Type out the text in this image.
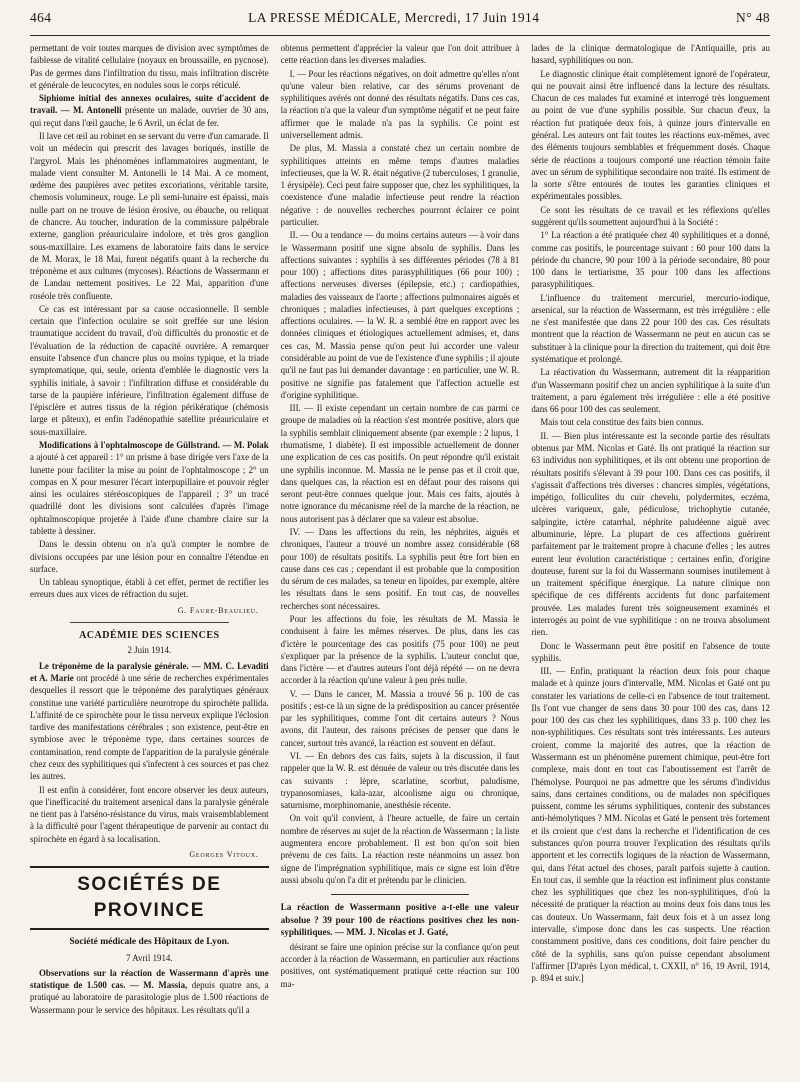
464	LA PRESSE MÉDICALE, Mercredi, 17 Juin 1914	N° 48

permettant de voir toutes marques de division avec symptômes de faiblesse de vitalité cellulaire (noyaux en broussaille, en pycnose). Pas de germes dans l'infiltration du tissu, mais infiltration discrète et générale de leucocytes, en nodules sous le corps réticulé.

Siphiome initial des annexes oculaires, suite d'accident de travail. — M. Antonelli présente un malade, ouvrier de 30 ans, qui reçut dans l'œil gauche, le 6 Avril, un éclat de fer.

Il lave cet œil au robinet en se servant du verre d'un camarade. Il voit un médecin qui prescrit des lavages boriqués, instille de l'argyrol. Mais les phénomènes inflammatoires augmentant, le malade vient consulter M. Antonelli le 14 Mai. A ce moment, œdème des paupières avec petites excoriations, véritable tarsite, chemosis volumineux, rouge. Le pli semi-lunaire est épaissi, mais nulle part on ne trouve de lésion érosive, ou ébauche, ou reliquat de chancre. Au toucher, induration de la commissure palpébrale externe, ganglion préauriculaire indolore, et très gros ganglion sous-maxillaire. Les examens de laboratoire faits dans le service de M. Morax, le 18 Mai, furent négatifs quant à la recherche du tréponème et aux cultures (mycoses). Réactions de Wassermann et de Landau nettement positives. Le 22 Mai, apparition d'une roséole très confluente.

Ce cas est intéressant par sa cause occasionnelle. Il semble certain que l'infection oculaire se soit greffée sur une lésion traumatique accident du travail, d'où difficultés du pronostic et de l'évaluation de la réduction de capacité ouvrière. A remarquer ensuite l'absence d'un chancre plus ou moins typique, et la triade symptomatique, qui, seule, orienta d'emblée le diagnostic vers la syphilis initiale, à savoir : l'infiltration diffuse et considérable du tarse de la paupière inférieure, l'infiltration également diffuse de l'épisclère et autres tissus de la région périkératique (chémosis large et pâteux), et enfin l'adénopathie satellite préauriculaire et sous-maxillaire.

Modifications à l'ophtalmoscope de Güllstrand. — M. Polak a ajouté à cet appareil : 1° un prisme à base dirigée vers l'axe de la lunette pour faciliter la mise au point de l'ophtalmoscope ; 2° un compas en X pour mesurer l'écart interpupillaire et pouvoir régler ainsi les oculaires stéréoscopiques de l'appareil ; 3° un tracé quadrillé dont les divisions sont calculées d'après l'image ophtalmoscopique projetée à l'aide d'une chambre claire sur la tablette à dessiner.

Dans le dessin obtenu on n'a qu'à compter le nombre de divisions occupées par une lésion pour en connaître l'étendue en surface.

Un tableau synoptique, établi à cet effet, permet de rectifier les erreurs dues aux vices de réfraction du sujet.

G. Faure-Beaulieu.
ACADÉMIE DES SCIENCES
2 Juin 1914.

Le tréponème de la paralysie générale. — MM. C. Levaditi et A. Marie ont procédé à une série de recherches expérimentales desquelles il ressort que le tréponème des paralytiques généraux constitue une variété particulière neurotrope du spirochète pallida. L'affinité de ce spirochète pour le tissu nerveux explique l'éclosion tardive des manifestations cérébrales ; son existence, peut-être en symbiose avec le tréponème type, dans certaines sources de contamination, rend compte de l'apparition de la paralysie générale chez ceux des syphilitiques qui s'infectent à ces sources et pas chez les autres.

Il est enfin à considérer, font encore observer les deux auteurs, que l'inefficacité du traitement arsenical dans la paralysie générale ne tient pas à l'arséno-résistance du virus, mais vraisemblablement à la difficulté pour l'agent thérapeutique de parvenir au contact du spirochète en égard à sa localisation.

Georges Vitoux.
SOCIÉTÉS DE PROVINCE
Société médicale des Hôpitaux de Lyon.
7 Avril 1914.

Observations sur la réaction de Wassermann d'après une statistique de 1.500 cas. — M. Massia, depuis quatre ans, a pratiqué au laboratoire de parasitologie plus de 1.500 réactions de Wassermann pour le service des hôpitaux. Les résultats qu'il a

obtenus permettent d'apprécier la valeur que l'on doit attribuer à cette réaction dans les diverses maladies.

I. — Pour les réactions négatives, on doit admettre qu'elles n'ont qu'une valeur bien relative, car des sérums provenant de syphilitiques avérés ont donné des résultats négatifs. Dans ces cas, la réaction n'a que la valeur d'un symptôme négatif et ne peut faire affirmer que le malade n'a pas la syphilis. Ce point est universellement admis.

De plus, M. Massia a constaté chez un certain nombre de syphilitiques atteints en même temps d'autres maladies infectieuses, que la W. R. était négative (2 tuberculoses, 1 granulie, 1 érysipèle). Ceci peut faire supposer que, chez les syphilitiques, la coexistence d'une maladie infectieuse peut rendre la réaction négative : de nouvelles recherches pourront éclairer ce point particulier.

II. — Ou a tendance — du moins certains auteurs — à voir dans le Wassermann positif une signe absolu de syphilis. Dans les affections suivantes : syphilis à ses différentes périodes (78 à 81 pour 100) ; affections dites parasyphilitiques (66 pour 100) ; affections nerveuses diverses (épilepsie, etc.) ; cardiopathies, maladies des vaisseaux de l'aorte ; affections pulmonaires aiguës et chroniques ; maladies infectieuses, à part quelques exceptions ; affections oculaires. — la W. R. a semblé être en rapport avec les données cliniques et étiologiques actuellement admises, et, dans ces cas, M. Massia pense qu'on peut lui accorder une valeur considérable au point de vue de l'existence d'une syphilis ; il ajoute qu'il ne faut pas lui demander davantage : en particulier, une W. R. positive ne signifie pas fatalement que l'affection actuelle est d'origine syphilitique.

III. — Il existe cependant un certain nombre de cas parmi ce groupe de maladies où la réaction s'est montrée positive, alors que la syphilis semblait cliniquement absente (par exemple : 2 lupus, 1 rhumatisme, 1 diabète). Il est impossible actuellement de donner une explication de ces cas positifs. On peut répondre qu'il existait une syphilis inconnue. M. Massia ne le pense pas et il croit que, dans quelques cas, la réaction est en défaut pour des raisons qui seront peut-être connues quelque jour. Mais ces faits, ajoutés à notre ignorance du mécanisme réel de la marche de la réaction, ne nous autorisent pas à déclarer que sa valeur est absolue.

IV. — Dans les affections du rein, les néphrites, aiguës et chroniques, l'auteur a trouvé un nombre assez considérable (68 pour 100) de résultats positifs. La syphilis peut être fort bien en cause dans ces cas ; cependant il est probable que la composition du sérum de ces malades, sa teneur en lipoïdes, par exemple, altère les résultats dans le sens positif. En tout cas, de nouvelles recherches sont nécessaires.

Pour les affections du foie, les résultats de M. Massia le conduisent à faire les mêmes réserves. De plus, dans les cas d'ictère le pourcentage des cas positifs (75 pour 100) ne peut s'expliquer par la présence de la syphilis. L'auteur conclut que, dans l'ictère — et d'autres auteurs l'ont déjà répété — on ne devra accorder à la réaction qu'une valeur à peu près nulle.

V. — Dans le cancer, M. Massia a trouvé 56 p. 100 de cas positifs ; est-ce là un signe de la prédisposition au cancer présentée par les syphilitiques, comme l'ont dit certains auteurs ? Nous avons, dit l'auteur, des raisons précises de penser que dans le cancer, surtout très avancé, la réaction est souvent en défaut.

VI. — En dehors des cas faits, sujets à la discussion, il faut rappeler que la W. R. est dénuée de valeur ou très discutée dans les cas suivants : lèpre, scarlatine, scorbut, paludisme, trypanosomiases, kala-azar, alcoolisme aigu ou chronique, saturnisme, morphinomanie, anesthésie récente.

On voit qu'il convient, à l'heure actuelle, de faire un certain nombre de réserves au sujet de la réaction de Wassermann ; la liste augmentera encore probablement. Il est bon qu'on soit bien prévenu de ces faits. La réaction reste néanmoins un assez bon signe de l'imprégnation syphilitique, mais ce signe est loin d'être aussi absolu qu'on l'a dit et prétendu par le clinicien.

La réaction de Wassermann positive a-t-elle une valeur absolue ? 39 pour 100 de réactions positives chez les non-syphilitiques. — MM. J. Nicolas et J. Gaté,

désirant se faire une opinion précise sur la confiance qu'on peut accorder à la réaction de Wassermann, en particulier aux réactions positives, ont systématiquement pratiqué cette réaction sur 100 ma-

lades de la clinique dermatologique de l'Antiquaille, pris au hasard, syphilitiques ou non.

Le diagnostic clinique était complètement ignoré de l'opérateur, qui ne pouvait ainsi être influencé dans la lecture des résultats. Chacun de ces malades fut examiné et interrogé très longuement au point de vue d'une syphilis possible. Sur chacun d'eux, la réaction fut pratiquée deux fois, à quinze jours d'intervalle en général. Les auteurs ont fait toutes les réactions eux-mêmes, avec des éléments toujours semblables et fréquemment dosés. Chaque série de réactions a toujours comporté une réaction témoin faite avec un sérum de syphilitique secondaire non traité. Ils estiment de la sorte s'être entourés de toutes les garanties cliniques et expérimentales possibles.

Ce sont les résultats de ce travail et les réflexions qu'elles suggèrent qu'ils soumettent aujourd'hui à la Société :

1° La réaction a été pratiquée chez 40 syphilitiques et a donné, comme cas positifs, le pourcentage suivant : 60 pour 100 dans la période du chancre, 90 pour 100 à la période secondaire, 80 pour 100 dans le tertiarisme, 35 pour 100 dans les affections parasyphilitiques.

L'influence du traitement mercuriel, mercurio-iodique, arsenical, sur la réaction de Wassermann, est très irrégulière : elle ne s'est manifestée que dans 22 pour 100 des cas. Ces résultats montrent que la réaction de Wassermann ne peut en aucun cas se substituer à la clinique pour la direction du traitement, qui doit être systématique et prolongé.

La réactivation du Wassermann, autrement dit la réapparition d'un Wassermann positif chez un ancien syphilitique à la suite d'un traitement, a paru également très irrégulière : elle a été positive dans 66 pour 100 des cas seulement.

Mais tout cela constitue des faits bien connus.

II. — Bien plus intéressante est la seconde partie des résultats obtenus par MM. Nicolas et Gaté. Ils ont pratiqué la réaction sur 63 individus non syphilitiques, et ils ont obtenu une proportion de résultats positifs s'élevant à 39 pour 100. Dans ces cas positifs, il s'agissait d'affections très diverses : chancres simples, végétations, impétigo, folliculites du cuir chevelu, polydermites, eczéma, ulcères variqueux, gale, pédiculose, trichophytie cutanée, salpingite, ictère catarrhal, néphrite paludéenne aiguë avec albuminurie, lèpre. La plupart de ces affections guérirent parfaitement par le traitement propre à chacune d'elles ; les autres eurent leur évolution caractéristique ; certaines enfin, d'origine douteuse, furent sur la foi du Wassermann soumises inutilement à un traitement spécifique énergique. La nature clinique non spécifique de ces différents accidents fut donc parfaitement prouvée. Les malades furent très soigneusement examinés et interrogés au point de vue syphilitique : on ne trouva absolument rien.

Donc le Wassermann peut être positif en l'absence de toute syphilis.

III. — Enfin, pratiquant la réaction deux fois pour chaque malade et à quinze jours d'intervalle, MM. Nicolas et Gaté ont pu constater les variations de celle-ci en l'absence de tout traitement. Ils l'ont vue changer de sens dans 30 pour 100 des cas, dans 12 pour 100 des cas chez les syphilitiques, dans 33 p. 100 chez les non-syphilitiques. Ces résultats sont très intéressants. Les auteurs croient, comme la majorité des autres, que la réaction de Wassermann est un phénomène purement chimique, peut-être fort complexe, mais dont en tout cas l'aboutissement est l'arrêt de l'hémolyse. Pourquoi ne pas admettre que les sérums d'individus sains, dans certaines conditions, ou de malades non spécifiques puissent, comme les sérums syphilitiques, contenir des substances anti-hémolytiques ? MM. Nicolas et Gaté le pensent très fortement et ils croient que c'est dans la recherche et l'identification de ces substances qu'on pourra trouver l'explication des résultats qu'ils apportent et les correctifs logiques de la réaction de Wassermann, qui, dans l'état actuel des choses, paraît parfois sujette à caution. En tout cas, il semble que la réaction est infiniment plus constante chez les syphilitiques que chez les non-syphilitiques, d'où la nécessité de pratiquer la réaction au moins deux fois dans tous les cas douteux. Un Wassermann, fait deux fois et à un assez long intervalle, s'impose donc dans les cas suspects. Une réaction constamment positive, dans ces conditions, doit faire pencher du côté de la syphilis, sans qu'on puisse cependant absolument l'affirmer [D'après Lyon médical, t. CXXII, n° 16, 19 Avril, 1914, p. 894 et suiv.]
